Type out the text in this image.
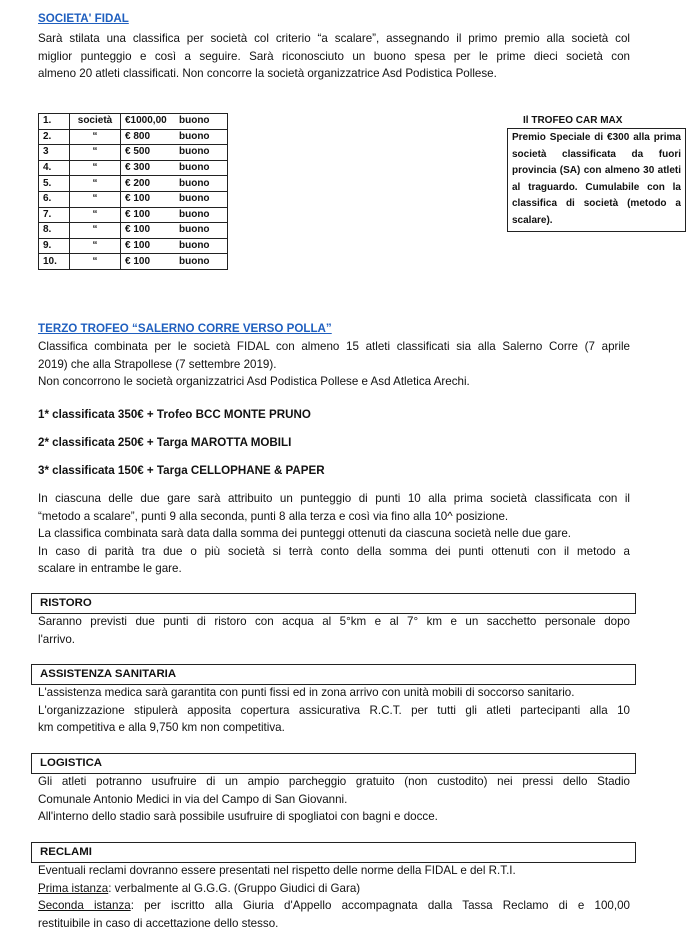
SOCIETA' FIDAL

Sarà stilata una classifica per società col criterio “a scalare”, assegnando il primo premio alla società col

miglior punteggio e così a seguire. Sarà riconosciuto un buono spesa per le prime dieci società con

almeno 20 atleti classificati. Non concorre la società organizzatrice Asd Podistica Pollese.

1.	società	€1000,00	buono
2.	“	€ 800	buono
3	“	€ 500	buono
4.	“	€ 300	buono
5.	“	€ 200	buono
6.	“	€ 100	buono
7.	“	€ 100	buono
8.	“	€ 100	buono
9.	“	€ 100	buono
10.	“	€ 100	buono
Il TROFEO CAR MAX
Premio Speciale di €300 alla prima società classificata da fuori provincia (SA) con almeno 30 atleti al traguardo. Cumulabile con la classifica di società (metodo a scalare).
TERZO TROFEO “SALERNO CORRE VERSO POLLA”

Classifica combinata per le società FIDAL con almeno 15 atleti classificati sia alla Salerno Corre (7 aprile

2019) che alla Strapollese (7 settembre 2019).

Non concorrono le società organizzatrici Asd Podistica Pollese e Asd Atletica Arechi.

1* classificata 350€ + Trofeo BCC MONTE PRUNO
2* classificata 250€ + Targa MAROTTA MOBILI
3* classificata 150€ + Targa CELLOPHANE & PAPER

In ciascuna delle due gare sarà attribuito un punteggio di punti 10 alla prima società classificata con il

“metodo a scalare”, punti 9 alla seconda, punti 8 alla terza e così via fino alla 10^ posizione.

La classifica combinata sarà data dalla somma dei punteggi ottenuti da ciascuna società nelle due gare.

In caso di parità tra due o più società si terrà conto della somma dei punti ottenuti con il metodo a

scalare in entrambe le gare.

RISTORO

Saranno previsti due punti di ristoro con acqua al 5°km e al 7° km e un sacchetto personale dopo

l'arrivo.

ASSISTENZA SANITARIA

L'assistenza medica sarà garantita con punti fissi ed in zona arrivo con unità mobili di soccorso sanitario.

L'organizzazione stipulerà apposita copertura assicurativa R.C.T. per tutti gli atleti partecipanti alla 10

km competitiva e alla 9,750 km non competitiva.

LOGISTICA

Gli atleti potranno usufruire di un ampio parcheggio gratuito (non custodito) nei pressi dello Stadio

Comunale Antonio Medici in via del Campo di San Giovanni.

All'interno dello stadio sarà possibile usufruire di spogliatoi con bagni e docce.

RECLAMI

Eventuali reclami dovranno essere presentati nel rispetto delle norme della FIDAL e del R.T.I.

Prima istanza: verbalmente al G.G.G. (Gruppo Giudici di Gara)

Seconda istanza: per iscritto alla Giuria d'Appello accompagnata dalla Tassa Reclamo di e 100,00

restituibile in caso di accettazione dello stesso.
